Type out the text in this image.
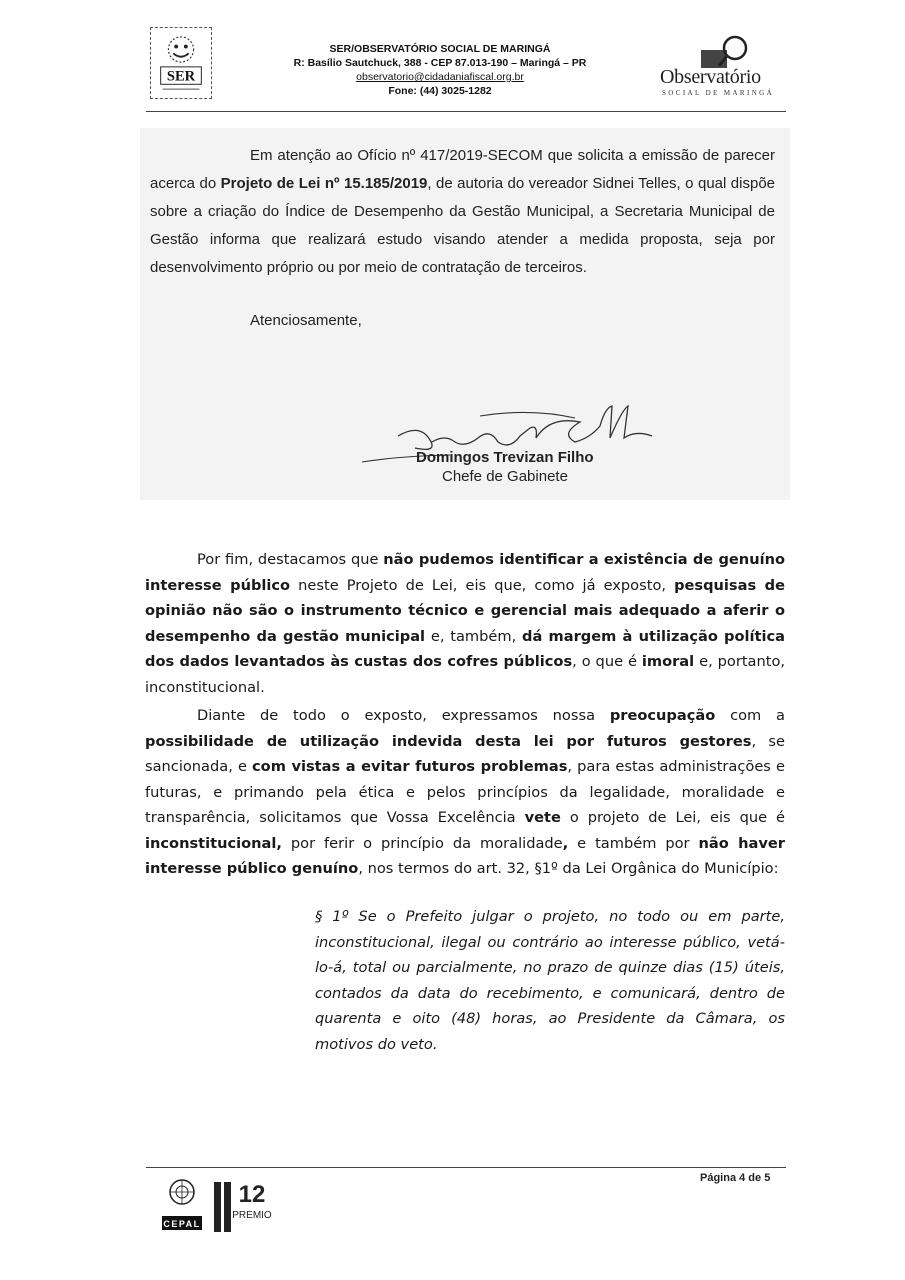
SER
SER/OBSERVATÓRIO SOCIAL DE MARINGÁ
R: Basílio Sautchuck, 388 - CEP 87.013-190 – Maringá – PR
observatorio@cidadaniafiscal.org.br
Fone: (44) 3025-1282
Observatório
SOCIAL DE MARINGÁ

Em atenção ao Ofício nº 417/2019-SECOM que solicita a emissão de parecer acerca do Projeto de Lei nº 15.185/2019, de autoria do vereador Sidnei Telles, o qual dispõe sobre a criação do Índice de Desempenho da Gestão Municipal, a Secretaria Municipal de Gestão informa que realizará estudo visando atender a medida proposta, seja por desenvolvimento próprio ou por meio de contratação de terceiros.

Atenciosamente,
Domingos Trevizan Filho
Chefe de Gabinete

Por fim, destacamos que não pudemos identificar a existência de genuíno interesse público neste Projeto de Lei, eis que, como já exposto, pesquisas de opinião não são o instrumento técnico e gerencial mais adequado a aferir o desempenho da gestão municipal e, também, dá margem à utilização política dos dados levantados às custas dos cofres públicos, o que é imoral e, portanto, inconstitucional.

Diante de todo o exposto, expressamos nossa preocupação com a possibilidade de utilização indevida desta lei por futuros gestores, se sancionada, e com vistas a evitar futuros problemas, para estas administrações e futuras, e primando pela ética e pelos princípios da legalidade, moralidade e transparência, solicitamos que Vossa Excelência vete o projeto de Lei, eis que é inconstitucional, por ferir o princípio da moralidade, e também por não haver interesse público genuíno, nos termos do art. 32, §1º da Lei Orgânica do Município:

§ 1º Se o Prefeito julgar o projeto, no todo ou em parte, inconstitucional, ilegal ou contrário ao interesse público, vetá-lo-á, total ou parcialmente, no prazo de quinze dias (15) úteis, contados da data do recebimento, e comunicará, dentro de quarenta e oito (48) horas, ao Presidente da Câmara, os motivos do veto.
Página 4 de 5
CEPAL
12
PREMIO
